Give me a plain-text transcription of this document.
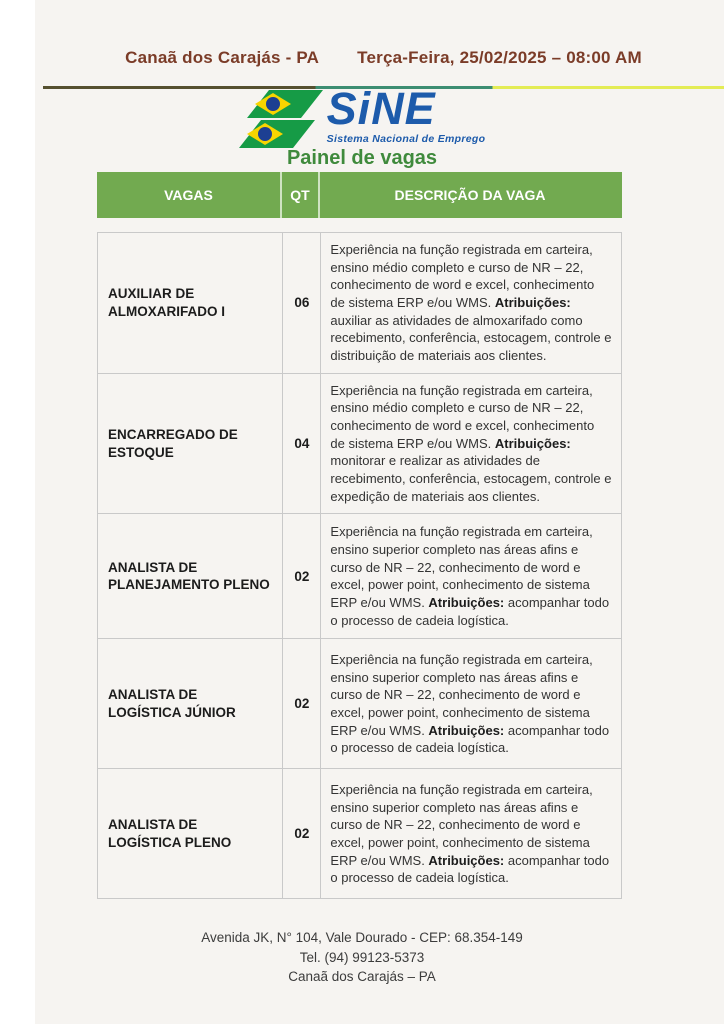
Canaã dos Carajás - PA Terça-Feira, 25/02/2025 – 08:00 AM
SiNE
Sistema Nacional de Emprego
Painel de vagas
VAGAS	QT	DESCRIÇÃO DA VAGA
AUXILIAR DE ALMOXARIFADO I	06	Experiência na função registrada em carteira, ensino médio completo e curso de NR – 22, conhecimento de word e excel, conhecimento de sistema ERP e/ou WMS. Atribuições: auxiliar as atividades de almoxarifado como recebimento, conferência, estocagem, controle e distribuição de materiais aos clientes.
ENCARREGADO DE ESTOQUE	04	Experiência na função registrada em carteira, ensino médio completo e curso de NR – 22, conhecimento de word e excel, conhecimento de sistema ERP e/ou WMS. Atribuições: monitorar e realizar as atividades de recebimento, conferência, estocagem, controle e expedição de materiais aos clientes.
ANALISTA DE PLANEJAMENTO PLENO	02	Experiência na função registrada em carteira, ensino superior completo nas áreas afins e curso de NR – 22, conhecimento de word e excel, power point, conhecimento de sistema ERP e/ou WMS. Atribuições: acompanhar todo o processo de cadeia logística.
ANALISTA DE LOGÍSTICA JÚNIOR	02	Experiência na função registrada em carteira, ensino superior completo nas áreas afins e curso de NR – 22, conhecimento de word e excel, power point, conhecimento de sistema ERP e/ou WMS. Atribuições: acompanhar todo o processo de cadeia logística.
ANALISTA DE LOGÍSTICA PLENO	02	Experiência na função registrada em carteira, ensino superior completo nas áreas afins e curso de NR – 22, conhecimento de word e excel, power point, conhecimento de sistema ERP e/ou WMS. Atribuições: acompanhar todo o processo de cadeia logística.
Avenida JK, N° 104, Vale Dourado - CEP: 68.354-149
Tel. (94) 99123-5373
Canaã dos Carajás – PA
